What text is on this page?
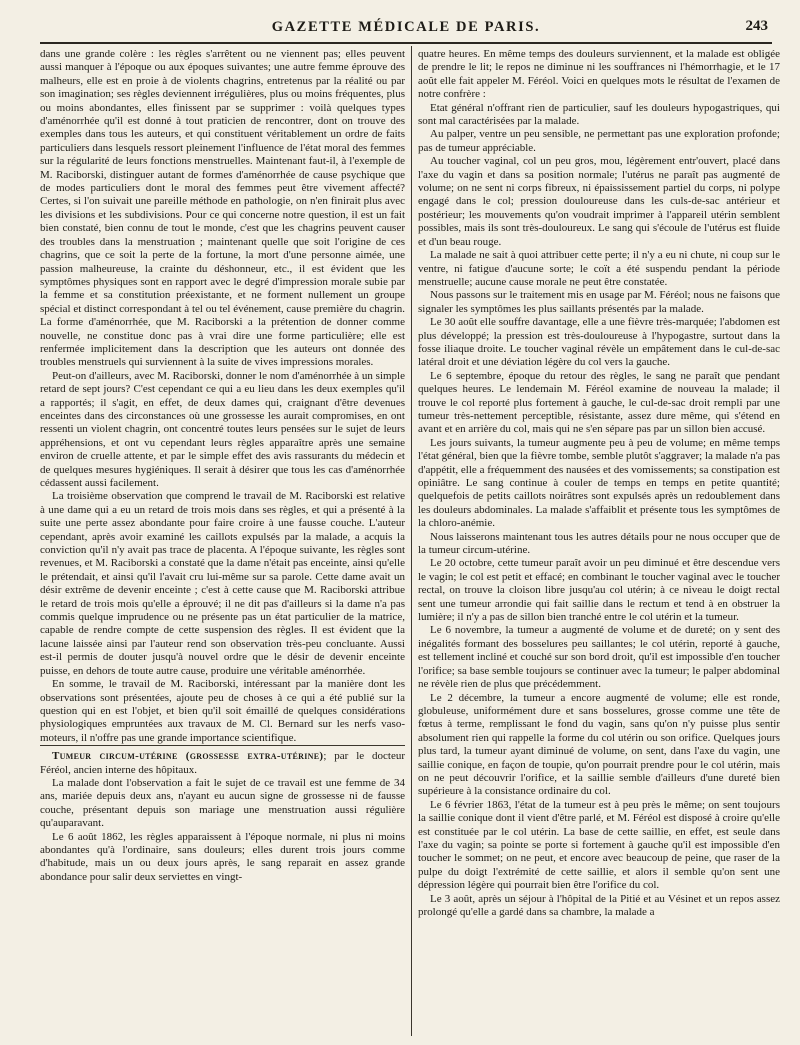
GAZETTE MÉDICALE DE PARIS.	243

dans une grande colère : les règles s'arrêtent ou ne viennent pas; elles peuvent aussi manquer à l'époque ou aux époques suivantes; une autre femme éprouve des malheurs, elle est en proie à de violents chagrins, entretenus par la réalité ou par son imagination; ses règles deviennent irrégulières, plus ou moins fréquentes, plus ou moins abondantes, elles finissent par se supprimer : voilà quelques types d'aménorrhée qu'il est donné à tout praticien de rencontrer, dont on trouve des exemples dans tous les auteurs, et qui constituent véritablement un ordre de faits particuliers dans lesquels ressort pleinement l'influence de l'état moral des femmes sur la régularité de leurs fonctions menstruelles. Maintenant faut-il, à l'exemple de M. Raciborski, distinguer autant de formes d'aménorrhée de cause psychique que de modes particuliers dont le moral des femmes peut être vivement affecté? Certes, si l'on suivait une pareille méthode en pathologie, on n'en finirait plus avec les divisions et les subdivisions. Pour ce qui concerne notre question, il est un fait bien constaté, bien connu de tout le monde, c'est que les chagrins peuvent causer des troubles dans la menstruation ; maintenant quelle que soit l'origine de ces chagrins, que ce soit la perte de la fortune, la mort d'une personne aimée, une passion malheureuse, la crainte du déshonneur, etc., il est évident que les symptômes physiques sont en rapport avec le degré d'impression morale subie par la femme et sa constitution préexistante, et ne forment nullement un groupe spécial et distinct correspondant à tel ou tel événement, cause première du chagrin. La forme d'aménorrhée, que M. Raciborski a la prétention de donner comme nouvelle, ne constitue donc pas à vrai dire une forme particulière; elle est renfermée implicitement dans la description que les auteurs ont donnée des troubles menstruels qui surviennent à la suite de vives impressions morales.

Peut-on d'ailleurs, avec M. Raciborski, donner le nom d'aménorrhée à un simple retard de sept jours? C'est cependant ce qui a eu lieu dans les deux exemples qu'il a rapportés; il s'agit, en effet, de deux dames qui, craignant d'être devenues enceintes dans des circonstances où une grossesse les aurait compromises, en ont ressenti un violent chagrin, ont concentré toutes leurs pensées sur le sujet de leurs appréhensions, et ont vu cependant leurs règles apparaître après une semaine environ de cruelle attente, et par le simple effet des avis rassurants du médecin et de quelques mesures hygiéniques. Il serait à désirer que tous les cas d'aménorrhée cédassent aussi facilement.

La troisième observation que comprend le travail de M. Raciborski est relative à une dame qui a eu un retard de trois mois dans ses règles, et qui a présenté à la suite une perte assez abondante pour faire croire à une fausse couche. L'auteur cependant, après avoir examiné les caillots expulsés par la malade, a acquis la conviction qu'il n'y avait pas trace de placenta. A l'époque suivante, les règles sont revenues, et M. Raciborski a constaté que la dame n'était pas enceinte, ainsi qu'elle le prétendait, et ainsi qu'il l'avait cru lui-même sur sa parole. Cette dame avait un désir extrême de devenir enceinte ; c'est à cette cause que M. Raciborski attribue le retard de trois mois qu'elle a éprouvé; il ne dit pas d'ailleurs si la dame n'a pas commis quelque imprudence ou ne présente pas un état particulier de la matrice, capable de rendre compte de cette suspension des règles. Il est évident que la lacune laissée ainsi par l'auteur rend son observation très-peu concluante. Aussi est-il permis de douter jusqu'à nouvel ordre que le désir de devenir enceinte puisse, en dehors de toute autre cause, produire une véritable aménorrhée.

En somme, le travail de M. Raciborski, intéressant par la manière dont les observations sont présentées, ajoute peu de choses à ce qui a été publié sur la question qui en est l'objet, et bien qu'il soit émaillé de quelques considérations physiologiques empruntées aux travaux de M. Cl. Bernard sur les nerfs vaso-moteurs, il n'offre pas une grande importance scientifique.

Tumeur circum-utérine (grossesse extra-utérine); par le docteur Féréol, ancien interne des hôpitaux.

La malade dont l'observation a fait le sujet de ce travail est une femme de 34 ans, mariée depuis deux ans, n'ayant eu aucun signe de grossesse ni de fausse couche, présentant depuis son mariage une menstruation aussi régulière qu'auparavant.

Le 6 août 1862, les règles apparaissent à l'époque normale, ni plus ni moins abondantes qu'à l'ordinaire, sans douleurs; elles durent trois jours comme d'habitude, mais un ou deux jours après, le sang reparait en assez grande abondance pour salir deux serviettes en vingt-

quatre heures. En même temps des douleurs surviennent, et la malade est obligée de prendre le lit; le repos ne diminue ni les souffrances ni l'hémorrhagie, et le 17 août elle fait appeler M. Féréol. Voici en quelques mots le résultat de l'examen de notre confrère :

Etat général n'offrant rien de particulier, sauf les douleurs hypogastriques, qui sont mal caractérisées par la malade.

Au palper, ventre un peu sensible, ne permettant pas une exploration profonde; pas de tumeur appréciable.

Au toucher vaginal, col un peu gros, mou, légèrement entr'ouvert, placé dans l'axe du vagin et dans sa position normale; l'utérus ne paraît pas augmenté de volume; on ne sent ni corps fibreux, ni épaississement partiel du corps, ni polype engagé dans le col; pression douloureuse dans les culs-de-sac antérieur et postérieur; les mouvements qu'on voudrait imprimer à l'appareil utérin semblent possibles, mais ils sont très-douloureux. Le sang qui s'écoule de l'utérus est fluide et d'un beau rouge.

La malade ne sait à quoi attribuer cette perte; il n'y a eu ni chute, ni coup sur le ventre, ni fatigue d'aucune sorte; le coït a été suspendu pendant la période menstruelle; aucune cause morale ne peut être constatée.

Nous passons sur le traitement mis en usage par M. Féréol; nous ne faisons que signaler les symptômes les plus saillants présentés par la malade.

Le 30 août elle souffre davantage, elle a une fièvre très-marquée; l'abdomen est plus développé; la pression est très-douloureuse à l'hypogastre, surtout dans la fosse iliaque droite. Le toucher vaginal révèle un empâtement dans le cul-de-sac latéral droit et une déviation légère du col vers la gauche.

Le 6 septembre, époque du retour des règles, le sang ne paraît que pendant quelques heures. Le lendemain M. Féréol examine de nouveau la malade; il trouve le col reporté plus fortement à gauche, le cul-de-sac droit rempli par une tumeur très-nettement perceptible, résistante, assez dure même, qui s'étend en avant et en arrière du col, mais qui ne s'en sépare pas par un sillon bien accusé.

Les jours suivants, la tumeur augmente peu à peu de volume; en même temps l'état général, bien que la fièvre tombe, semble plutôt s'aggraver; la malade n'a pas d'appétit, elle a fréquemment des nausées et des vomissements; sa constipation est opiniâtre. Le sang continue à couler de temps en temps en petite quantité; quelquefois de petits caillots noirâtres sont expulsés après un redoublement dans les douleurs abdominales. La malade s'affaiblit et présente tous les symptômes de la chloro-anémie.

Nous laisserons maintenant tous les autres détails pour ne nous occuper que de la tumeur circum-utérine.

Le 20 octobre, cette tumeur paraît avoir un peu diminué et être descendue vers le vagin; le col est petit et effacé; en combinant le toucher vaginal avec le toucher rectal, on trouve la cloison libre jusqu'au col utérin; à ce niveau le doigt rectal sent une tumeur arrondie qui fait saillie dans le rectum et tend à en obstruer la lumière; il n'y a pas de sillon bien tranché entre le col utérin et la tumeur.

Le 6 novembre, la tumeur a augmenté de volume et de dureté; on y sent des inégalités formant des bosselures peu saillantes; le col utérin, reporté à gauche, est tellement incliné et couché sur son bord droit, qu'il est impossible d'en toucher l'orifice; sa base semble toujours se continuer avec la tumeur; le palper abdominal ne révèle rien de plus que précédemment.

Le 2 décembre, la tumeur a encore augmenté de volume; elle est ronde, globuleuse, uniformément dure et sans bosselures, grosse comme une tête de fœtus à terme, remplissant le fond du vagin, sans qu'on n'y puisse plus sentir absolument rien qui rappelle la forme du col utérin ou son orifice. Quelques jours plus tard, la tumeur ayant diminué de volume, on sent, dans l'axe du vagin, une saillie conique, en façon de toupie, qu'on pourrait prendre pour le col utérin, mais on ne peut découvrir l'orifice, et la saillie semble d'ailleurs d'une dureté bien supérieure à la consistance ordinaire du col.

Le 6 février 1863, l'état de la tumeur est à peu près le même; on sent toujours la saillie conique dont il vient d'être parlé, et M. Féréol est disposé à croire qu'elle est constituée par le col utérin. La base de cette saillie, en effet, est seule dans l'axe du vagin; sa pointe se porte si fortement à gauche qu'il est impossible d'en toucher le sommet; on ne peut, et encore avec beaucoup de peine, que raser de la pulpe du doigt l'extrémité de cette saillie, et alors il semble qu'on sent une dépression légère qui pourrait bien être l'orifice du col.

Le 3 août, après un séjour à l'hôpital de la Pitié et au Vésinet et un repos assez prolongé qu'elle a gardé dans sa chambre, la malade a
